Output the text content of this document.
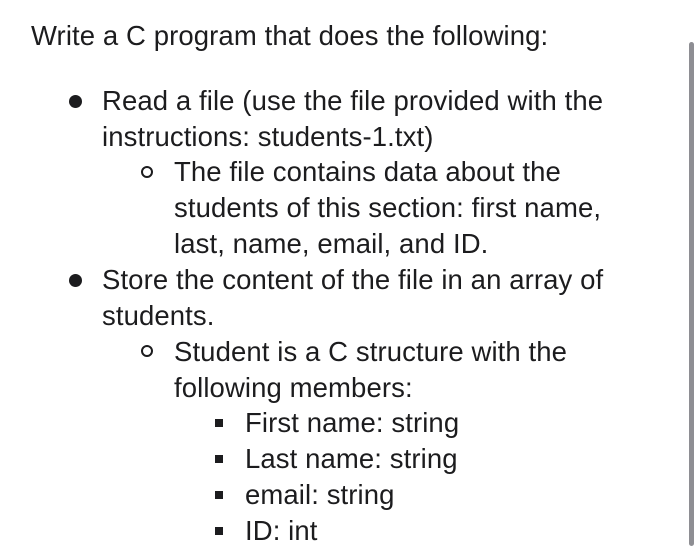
Write a C program that does the following:
Read a file (use the file provided with the
instructions: students-1.txt)
The file contains data about the
students of this section: first name,
last, name, email, and ID.
Store the content of the file in an array of
students.
Student is a C structure with the
following members:
First name: string
Last name: string
email: string
ID: int
